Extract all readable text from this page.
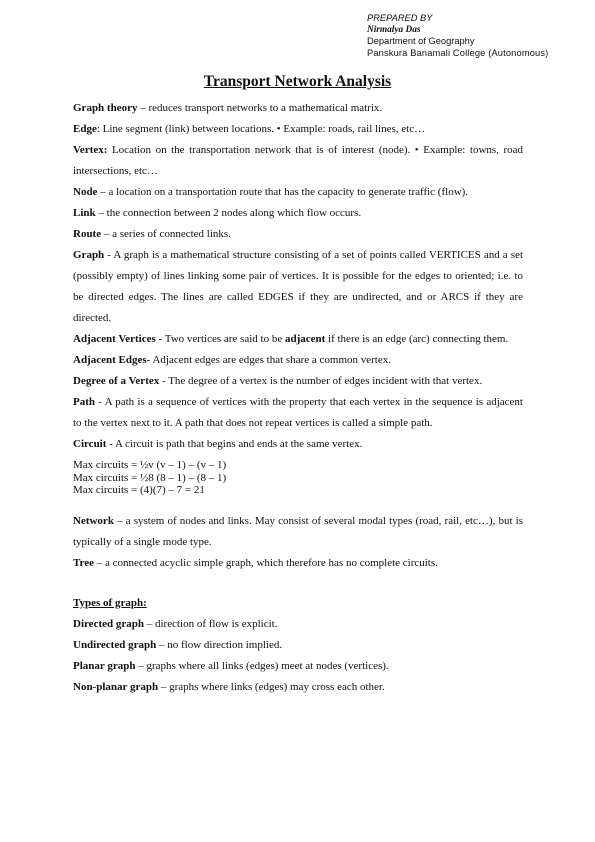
PREPARED BY
Nirmalya Das
Department of Geography
Panskura Banamali College (Autonomous)
Transport Network Analysis

Graph theory – reduces transport networks to a mathematical matrix.

Edge: Line segment (link) between locations. • Example: roads, rail lines, etc…

Vertex: Location on the transportation network that is of interest (node). • Example: towns, road intersections, etc…

Node – a location on a transportation route that has the capacity to generate traffic (flow).

Link – the connection between 2 nodes along which flow occurs.

Route – a series of connected links.

Graph - A graph is a mathematical structure consisting of a set of points called VERTICES and a set (possibly empty) of lines linking some pair of vertices. It is possible for the edges to oriented; i.e. to be directed edges. The lines are called EDGES if they are undirected, and or ARCS if they are directed.

Adjacent Vertices - Two vertices are said to be adjacent if there is an edge (arc) connecting them.

Adjacent Edges- Adjacent edges are edges that share a common vertex.

Degree of a Vertex - The degree of a vertex is the number of edges incident with that vertex.

Path - A path is a sequence of vertices with the property that each vertex in the sequence is adjacent to the vertex next to it. A path that does not repeat vertices is called a simple path.

Circuit - A circuit is path that begins and ends at the same vertex.

Max circuits = ½v (v – 1) – (v – 1)
Max circuits = ½8 (8 – 1) – (8 – 1)
Max circuits = (4)(7) – 7 = 21

Network – a system of nodes and links. May consist of several modal types (road, rail, etc…), but is typically of a single mode type.

Tree – a connected acyclic simple graph, which therefore has no complete circuits.

Types of graph:

Directed graph – direction of flow is explicit.

Undirected graph – no flow direction implied.

Planar graph – graphs where all links (edges) meet at nodes (vertices).

Non-planar graph – graphs where links (edges) may cross each other.
